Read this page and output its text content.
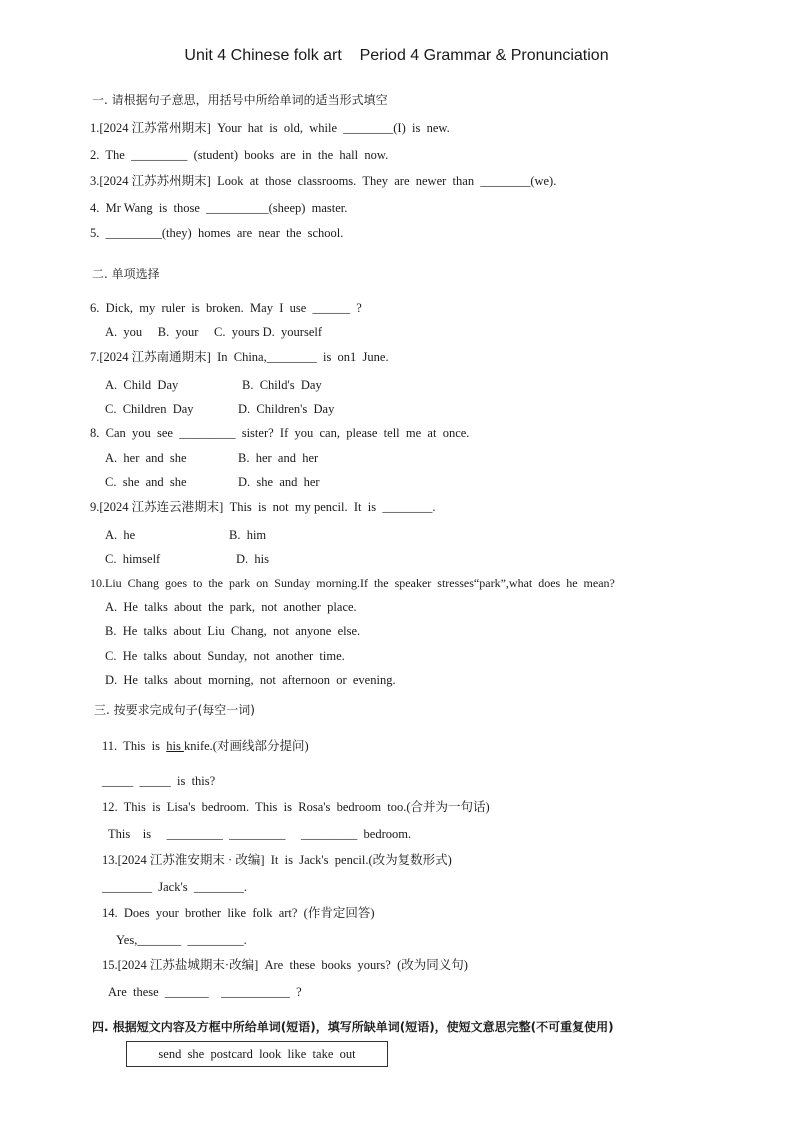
Unit 4 Chinese folk art    Period 4 Grammar & Pronunciation
一. 请根据句子意思，用括号中所给单词的适当形式填空
1.[2024 江苏常州期末]  Your  hat  is  old,  while  ________(I)  is  new.
2.  The  _________  (student)  books  are  in  the  hall  now.
3.[2024 江苏苏州期末]  Look  at  those  classrooms.  They  are  newer  than  ________(we).
4.  Mr Wang  is  those  __________(sheep)  master.
5.  _________(they)  homes  are  near  the  school.
二. 单项选择
6.  Dick,  my  ruler  is  broken.  May  I  use  ______  ?
A.  you     B.  your     C.  yours D.  yourself
7.[2024 江苏南通期末]  In  China,________  is  on1  June.
A.  Child  Day	B.  Child's  Day
C.  Children  Day	D.  Children's  Day
8.  Can  you  see  _________  sister?  If  you  can,  please  tell  me  at  once.
A.  her  and  she	B.  her  and  her
C.  she  and  she	D.  she  and  her
9.[2024 江苏连云港期末]  This  is  not  my pencil.  It  is  ________.
A.  he	B.  him
C.  himself	D.  his
10.Liu  Chang  goes  to  the  park  on  Sunday  morning.If  the  speaker  stresses“park”,what  does  he  mean?
A.  He  talks  about  the  park,  not  another  place.
B.  He  talks  about  Liu  Chang,  not  anyone  else.
C.  He  talks  about  Sunday,  not  another  time.
D.  He  talks  about  morning,  not  afternoon  or  evening.
三. 按要求完成句子(每空一词)
11.  This  is  his knife.(对画线部分提问)
_____  _____  is  this?
12.  This  is  Lisa's  bedroom.  This  is  Rosa's  bedroom  too.(合并为一句话)
This    is     _________  _________     _________  bedroom.
13.[2024 江苏淮安期末 · 改编]  It  is  Jack's  pencil.(改为复数形式)
________  Jack's  ________.
14.  Does  your  brother  like  folk  art?  (作肯定回答)
Yes,_______  _________.
15.[2024 江苏盐城期末·改编]  Are  these  books  yours?  (改为同义句)
Are  these  _______    ___________  ?
四. 根据短文内容及方框中所给单词(短语)，填写所缺单词(短语)，使短文意思完整(不可重复使用)
send  she  postcard  look  like  take  out
